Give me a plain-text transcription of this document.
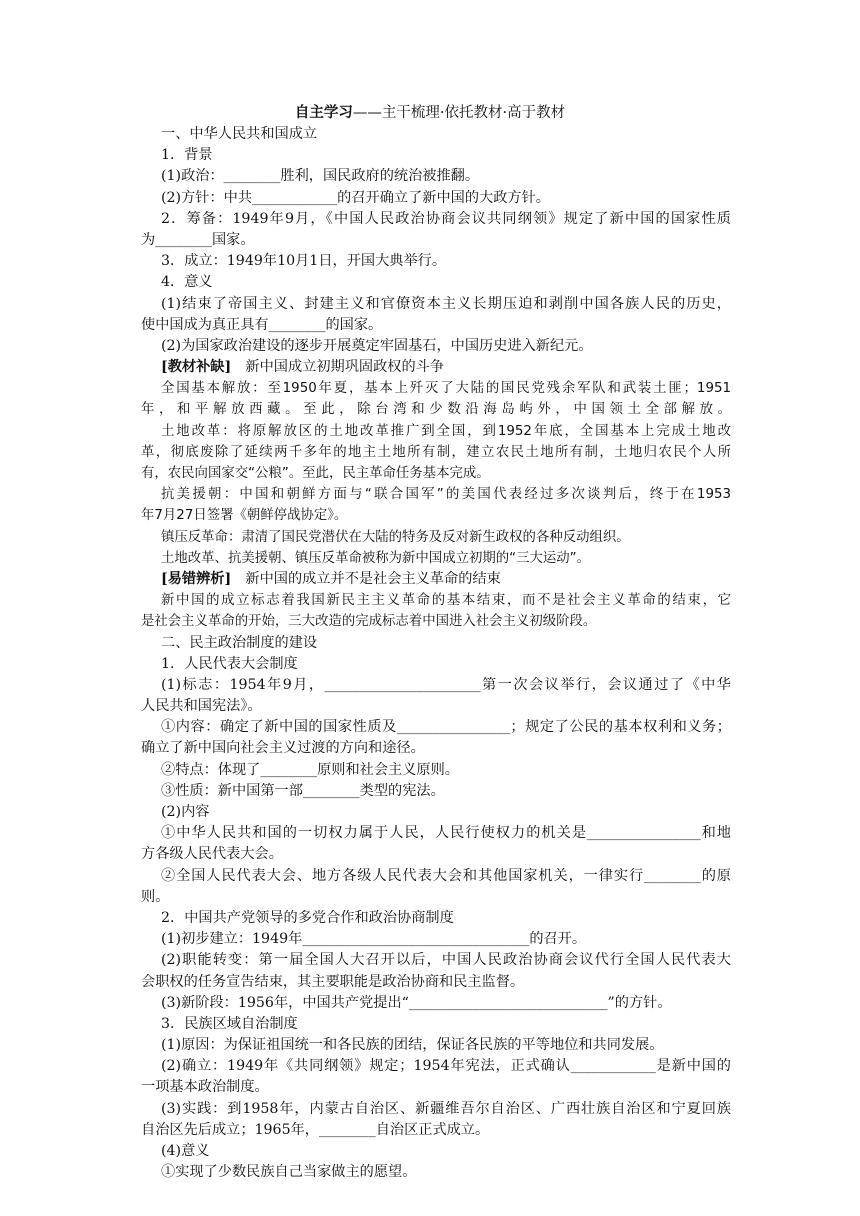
自主学习——主干梳理·依托教材·高于教材
一、中华人民共和国成立
1．背景
(1)政治：________胜利，国民政府的统治被推翻。
(2)方针：中共____________的召开确立了新中国的大政方针。
2．筹备：1949年9月，《中国人民政治协商会议共同纲领》规定了新中国的国家性质
为________国家。
3．成立：1949年10月1日，开国大典举行。
4．意义
(1)结束了帝国主义、封建主义和官僚资本主义长期压迫和剥削中国各族人民的历史，
使中国成为真正具有________的国家。
(2)为国家政治建设的逐步开展奠定牢固基石，中国历史进入新纪元。
[教材补缺]　新中国成立初期巩固政权的斗争
全国基本解放：至1950年夏，基本上歼灭了大陆的国民党残余军队和武装土匪；1951
年，和平解放西藏。至此，除台湾和少数沿海岛屿外，中国领土全部解放。
土地改革：将原解放区的土地改革推广到全国，到1952年底，全国基本上完成土地改
革，彻底废除了延续两千多年的地主土地所有制，建立农民土地所有制，土地归农民个人所
有，农民向国家交“公粮”。至此，民主革命任务基本完成。
抗美援朝：中国和朝鲜方面与“联合国军”的美国代表经过多次谈判后，终于在1953
年7月27日签署《朝鲜停战协定》。
镇压反革命：肃清了国民党潜伏在大陆的特务及反对新生政权的各种反动组织。
土地改革、抗美援朝、镇压反革命被称为新中国成立初期的“三大运动”。
[易错辨析]　新中国的成立并不是社会主义革命的结束
新中国的成立标志着我国新民主主义革命的基本结束，而不是社会主义革命的结束，它
是社会主义革命的开始，三大改造的完成标志着中国进入社会主义初级阶段。
二、民主政治制度的建设
1．人民代表大会制度
(1)标志：1954年9月，______________________第一次会议举行，会议通过了《中华
人民共和国宪法》。
①内容：确定了新中国的国家性质及________________；规定了公民的基本权利和义务；
确立了新中国向社会主义过渡的方向和途径。
②特点：体现了________原则和社会主义原则。
③性质：新中国第一部________类型的宪法。
(2)内容
①中华人民共和国的一切权力属于人民，人民行使权力的机关是________________和地
方各级人民代表大会。
②全国人民代表大会、地方各级人民代表大会和其他国家机关，一律实行________的原
则。
2．中国共产党领导的多党合作和政治协商制度
(1)初步建立：1949年________________________________的召开。
(2)职能转变：第一届全国人大召开以后，中国人民政治协商会议代行全国人民代表大
会职权的任务宣告结束，其主要职能是政治协商和民主监督。
(3)新阶段：1956年，中国共产党提出“____________________________”的方针。
3．民族区域自治制度
(1)原因：为保证祖国统一和各民族的团结，保证各民族的平等地位和共同发展。
(2)确立：1949年《共同纲领》规定；1954年宪法，正式确认____________是新中国的
一项基本政治制度。
(3)实践：到1958年，内蒙古自治区、新疆维吾尔自治区、广西壮族自治区和宁夏回族
自治区先后成立；1965年，________自治区正式成立。
(4)意义
①实现了少数民族自己当家做主的愿望。
